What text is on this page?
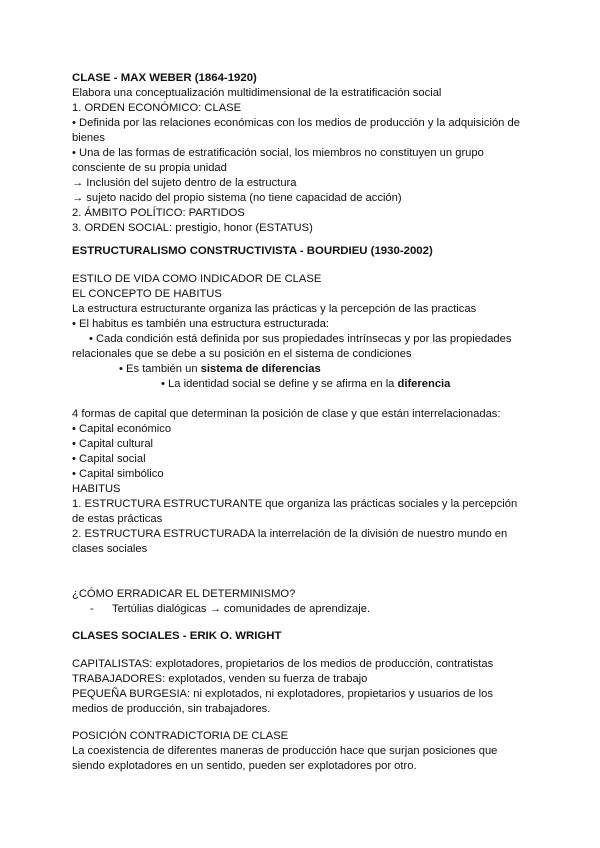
CLASE - MAX WEBER (1864-1920)
Elabora una conceptualización multidimensional de la estratificación social
1. ORDEN ECONÓMICO: CLASE
• Definida por las relaciones económicas con los medios de producción y la adquisición de bienes
• Una de las formas de estratificación social, los miembros no constituyen un grupo consciente de su propia unidad
→ Inclusión del sujeto dentro de la estructura
→ sujeto nacido del propio sistema (no tiene capacidad de acción)
2. ÁMBITO POLÍTICO: PARTIDOS
3. ORDEN SOCIAL: prestigio, honor (ESTATUS)
ESTRUCTURALISMO CONSTRUCTIVISTA - BOURDIEU (1930-2002)
ESTILO DE VIDA COMO INDICADOR DE CLASE
EL CONCEPTO DE HABITUS
La estructura estructurante organiza las prácticas y la percepción de las practicas
• El habitus es también una estructura estructurada:
• Cada condición está definida por sus propiedades intrínsecas y por las propiedades relacionales que se debe a su posición en el sistema de condiciones
• Es también un sistema de diferencias
• La identidad social se define y se afirma en la diferencia
4 formas de capital que determinan la posición de clase y que están interrelacionadas:
• Capital económico
• Capital cultural
• Capital social
• Capital simbólico
HABITUS
1. ESTRUCTURA ESTRUCTURANTE que organiza las prácticas sociales y la percepción de estas prácticas
2. ESTRUCTURA ESTRUCTURADA la interrelación de la división de nuestro mundo en clases sociales
¿CÓMO ERRADICAR EL DETERMINISMO?
- Tertúlias dialógicas → comunidades de aprendizaje.
CLASES SOCIALES - ERIK O. WRIGHT
CAPITALISTAS: explotadores, propietarios de los medios de producción, contratistas
TRABAJADORES: explotados, venden su fuerza de trabajo
PEQUEÑA BURGESIA: ni explotados, ni explotadores, propietarios y usuarios de los medios de producción, sin trabajadores.
POSICIÓN CONTRADICTORIA DE CLASE
La coexistencia de diferentes maneras de producción hace que surjan posiciones que siendo explotadores en un sentido, pueden ser explotadores por otro.
